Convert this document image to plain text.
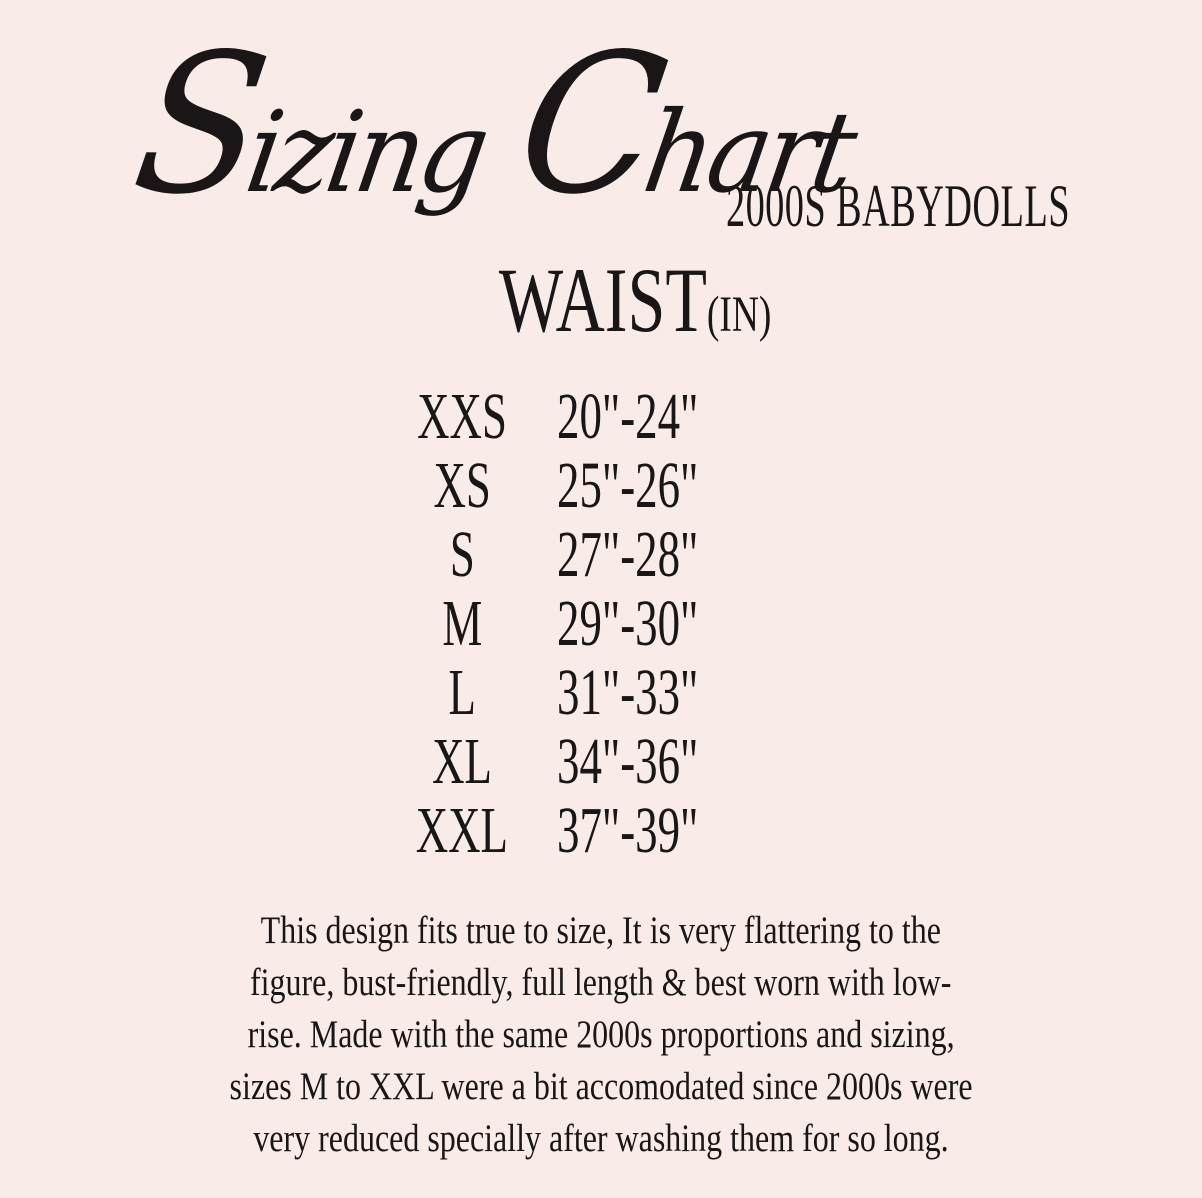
Sizing Chart
2000S BABYDOLLS
WAIST(IN)
XXS 20"-24"
XS	25"-26"
S	27"-28"
M	29"-30"
L	31"-33"
XL 34"-36"
XXL 37"-39"
This design fits true to size, It is very flattering to the
figure, bust-friendly, full length & best worn with low-
rise. Made with the same 2000s proportions and sizing,
sizes M to XXL were a bit accomodated since 2000s were
very reduced specially after washing them for so long.
